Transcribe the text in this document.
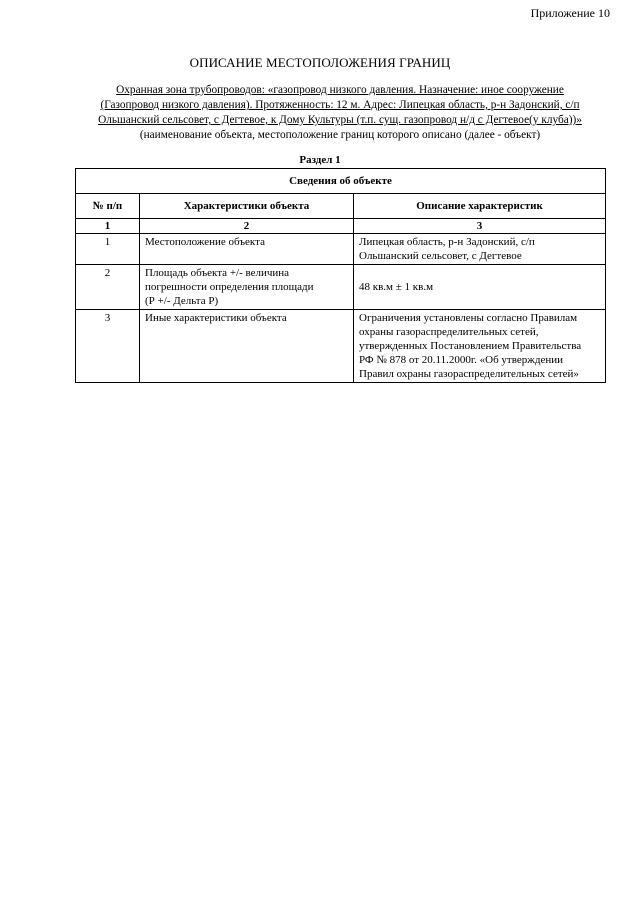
Приложение 10
ОПИСАНИЕ МЕСТОПОЛОЖЕНИЯ ГРАНИЦ
Охранная зона трубопроводов: «газопровод низкого давления. Назначение: иное сооружение
(Газопровод низкого давления). Протяженность: 12 м. Адрес: Липецкая область, р-н Задонский, с/п
Ольшанский сельсовет, с Дегтевое, к Дому Культуры (т.п. сущ. газопровод н/д с Дегтевое(у клуба))»
(наименование объекта, местоположение границ которого описано (далее - объект)
Раздел 1
Сведения об объекте		
№ п/п	Характеристики объекта	Описание характеристик
1	2	3
1	Местоположение объекта	Липецкая область, р-н Задонский, с/п
Ольшанский сельсовет, с Дегтевое
2	Площадь объекта +/- величина
погрешности определения площади
(Р +/- Дельта Р)	48 кв.м ± 1 кв.м
3	Иные характеристики объекта	Ограничения установлены согласно Правилам
охраны газораспределительных сетей,
утвержденных Постановлением Правительства
РФ № 878 от 20.11.2000г. «Об утверждении
Правил охраны газораспределительных сетей»
